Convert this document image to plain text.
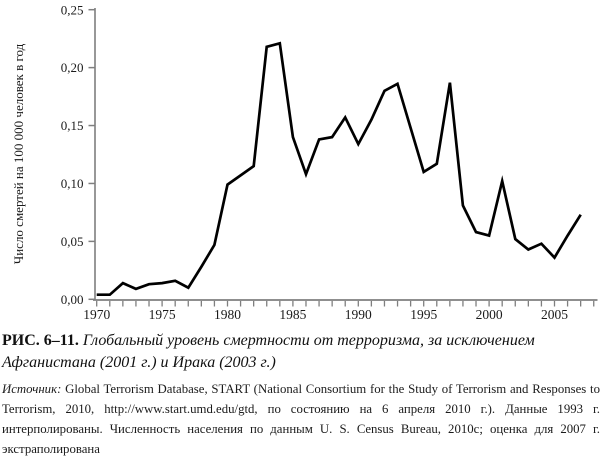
Число смертей на 100 000 человек в год
0,00
0,05
0,10
0,15
0,20
0,25
1970	1975	1980	1985	1990	1995	2000	2005

РИС. 6–11. Глобальный уровень смертности от терроризма, за исключением Афганистана (2001 г.) и Ирака (2003 г.)

Источник: Global Terrorism Database, START (National Consortium for the Study of Terrorism and Responses to Terrorism, 2010, http://www.start.umd.edu/gtd, по состоянию на 6 апреля 2010 г.). Данные 1993 г. интерполированы. Численность населения по данным U. S. Census Bureau, 2010c; оценка для 2007 г. экстраполирована
